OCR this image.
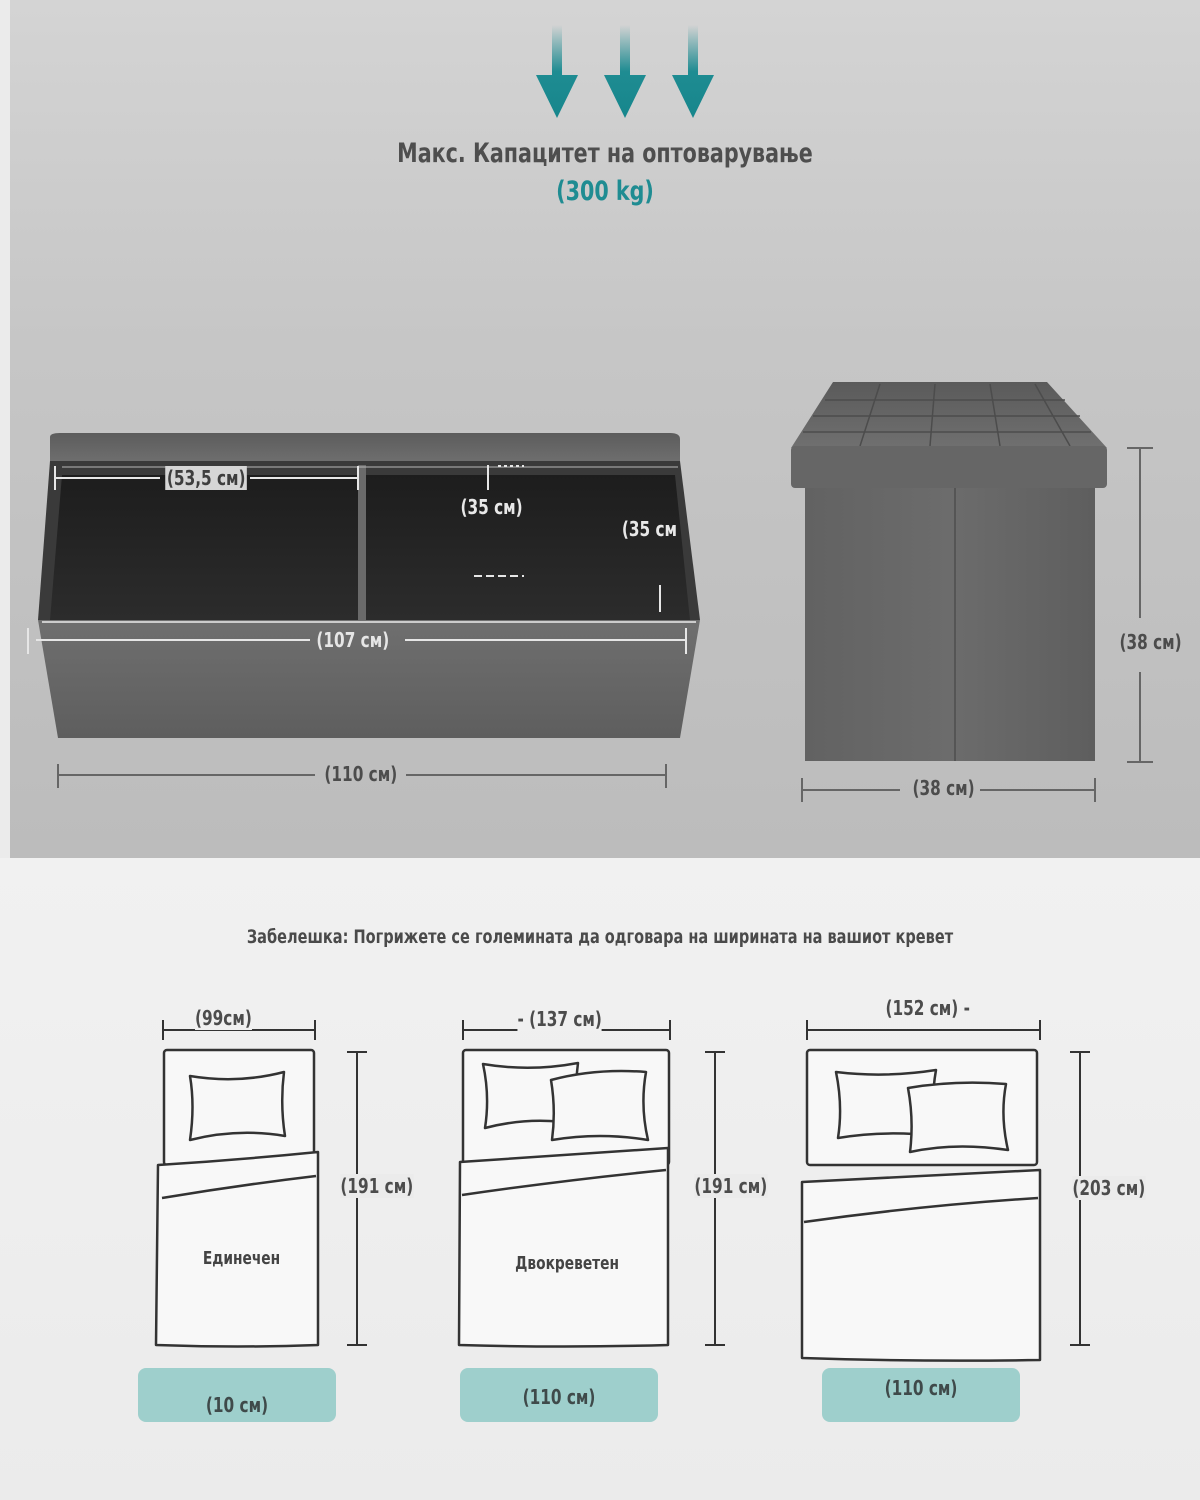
Макс. Капацитет на оптоварување
(300 kg)
(53,5 см)
(35 см)
(35 см
(107 см)
(110 см)
(38 см)
(38 см)
Забелешка: Погрижете се големината да одговара на ширината на вашиот кревет
(99см)	- (137 см)	(152 см) -
(191 см)	(191 см)	(203 см)
Единечен	Двокреветен
(10 см)	(110 см)	(110 см)
